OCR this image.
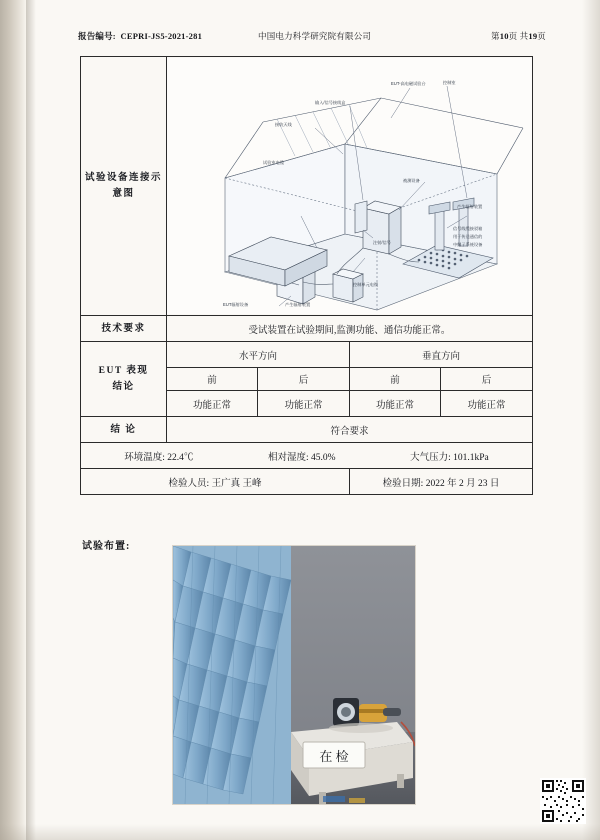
报告编号: CEPRI-JS5-2021-281	中国电力科学研究院有限公司	第10页 共19页
试验设备连接示意图	
EUT-高电磁试验台
输入/信号接线盒
接收天线
试验室电缆
控制室
被测设备
产生辐射装置
信号线缆接驳箱
用于传送通信的
中继子系统设备
注射/信号
控制单元电缆
产生辐射装置
EUT辐射设备

技术要求	受试装置在试验期间,监测功能、通信功能正常。			
EUT 表现
结论	水平方向		垂直方向	
	前	后	前	后
	功能正常	功能正常	功能正常	功能正常
结 论	符合要求			

环境温度: 22.4℃ 相对湿度: 45.0% 大气压力: 101.1kPa				

检验人员: 王广真 王峰			检验日期: 2022 年 2 月 23 日	
试验布置:
在 检
